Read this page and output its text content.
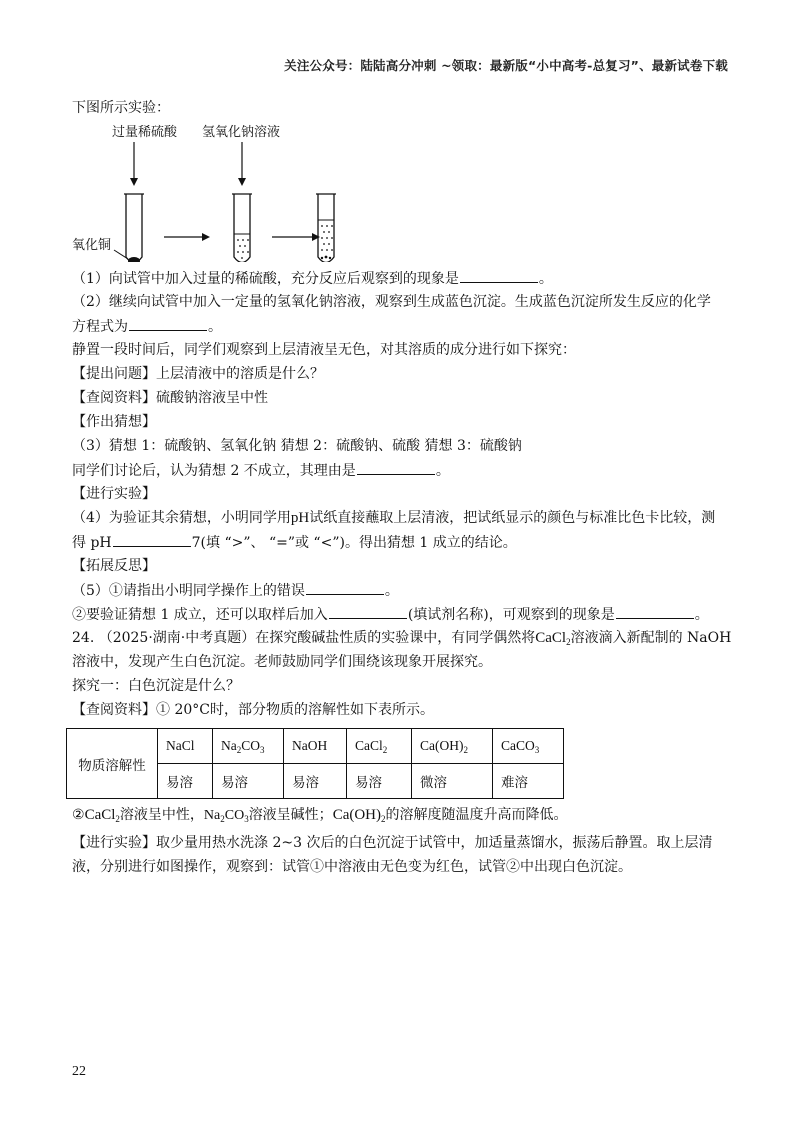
关注公众号：陆陆高分冲刺 ~领取：最新版“小中高考-总复习”、最新试卷下载
下图所示实验：
过量稀硫酸 氢氧化钠溶液
氧化铜
（1）向试管中加入过量的稀硫酸，充分反应后观察到的现象是	。
（2）继续向试管中加入一定量的氢氧化钠溶液，观察到生成蓝色沉淀。生成蓝色沉淀所发生反应的化学
方程式为	。
静置一段时间后，同学们观察到上层清液呈无色，对其溶质的成分进行如下探究：
【提出问题】上层清液中的溶质是什么？
【查阅资料】硫酸钠溶液呈中性
【作出猜想】
（3）猜想 1：硫酸钠、氢氧化钠 猜想 2：硫酸钠、硫酸 猜想 3：硫酸钠
同学们讨论后，认为猜想 2 不成立，其理由是	。
【进行实验】
（4）为验证其余猜想，小明同学用pH试纸直接蘸取上层清液，把试纸显示的颜色与标准比色卡比较，测
得 pH	7(填 “>”、 “=”或 “<”)。得出猜想 1 成立的结论。
【拓展反思】
（5）①请指出小明同学操作上的错误	。
②要验证猜想 1 成立，还可以取样后加入	(填试剂名称)，可观察到的现象是	。
24. （2025·湖南·中考真题）在探究酸碱盐性质的实验课中，有同学偶然将CaCl$_2$溶液滴入新配制的 NaOH
溶液中，发现产生白色沉淀。老师鼓励同学们围绕该现象开展探究。
探究一：白色沉淀是什么？
【查阅资料】① 20°C时，部分物质的溶解性如下表所示。
物质溶解性	NaCl	$Na_2CO_3$	NaOH	CaCl$_2$	$Ca(OH)_2$	CaCO$_3$
	易溶	易溶	易溶	易溶	微溶	难溶
②CaCl$_2$溶液呈中性，$Na_2CO_3$溶液呈碱性；$Ca(OH)_2$的溶解度随温度升高而降低。
【进行实验】取少量用热水洗涤 2~3 次后的白色沉淀于试管中，加适量蒸馏水，振荡后静置。取上层清
液，分别进行如图操作，观察到：试管①中溶液由无色变为红色，试管②中出现白色沉淀。
22
